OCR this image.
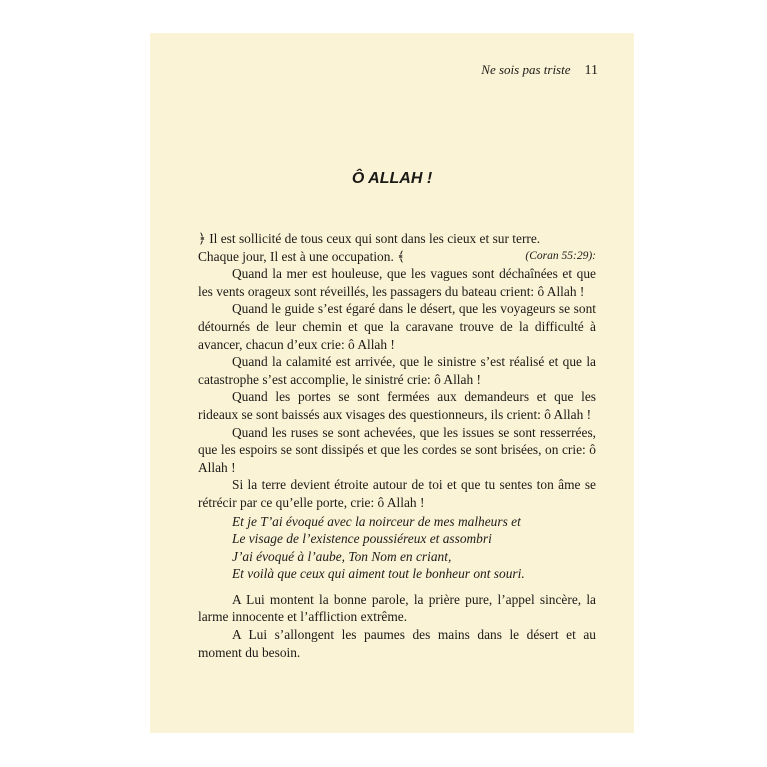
Ne sois pas triste 11
Ô ALLAH !

﴿ Il est sollicité de tous ceux qui sont dans les cieux et sur terre.

Chaque jour, Il est à une occupation. ﴾	(Coran 55:29):

Quand la mer est houleuse, que les vagues sont déchaînées et que les vents orageux sont réveillés, les passagers du bateau crient: ô Allah !

Quand le guide s’est égaré dans le désert, que les voyageurs se sont détournés de leur chemin et que la caravane trouve de la difficulté à avancer, chacun d’eux crie: ô Allah !

Quand la calamité est arrivée, que le sinistre s’est réalisé et que la catastrophe s’est accomplie, le sinistré crie: ô Allah !

Quand les portes se sont fermées aux demandeurs et que les rideaux se sont baissés aux visages des questionneurs, ils crient: ô Allah !

Quand les ruses se sont achevées, que les issues se sont resserrées, que les espoirs se sont dissipés et que les cordes se sont brisées, on crie: ô Allah !

Si la terre devient étroite autour de toi et que tu sentes ton âme se rétrécir par ce qu’elle porte, crie: ô Allah !

Et je T’ai évoqué avec la noirceur de mes malheurs et
Le visage de l’existence poussiéreux et assombri
J’ai évoqué à l’aube, Ton Nom en criant,
Et voilà que ceux qui aiment tout le bonheur ont souri.

A Lui montent la bonne parole, la prière pure, l’appel sincère, la larme innocente et l’affliction extrême.

A Lui s’allongent les paumes des mains dans le désert et au moment du besoin.
